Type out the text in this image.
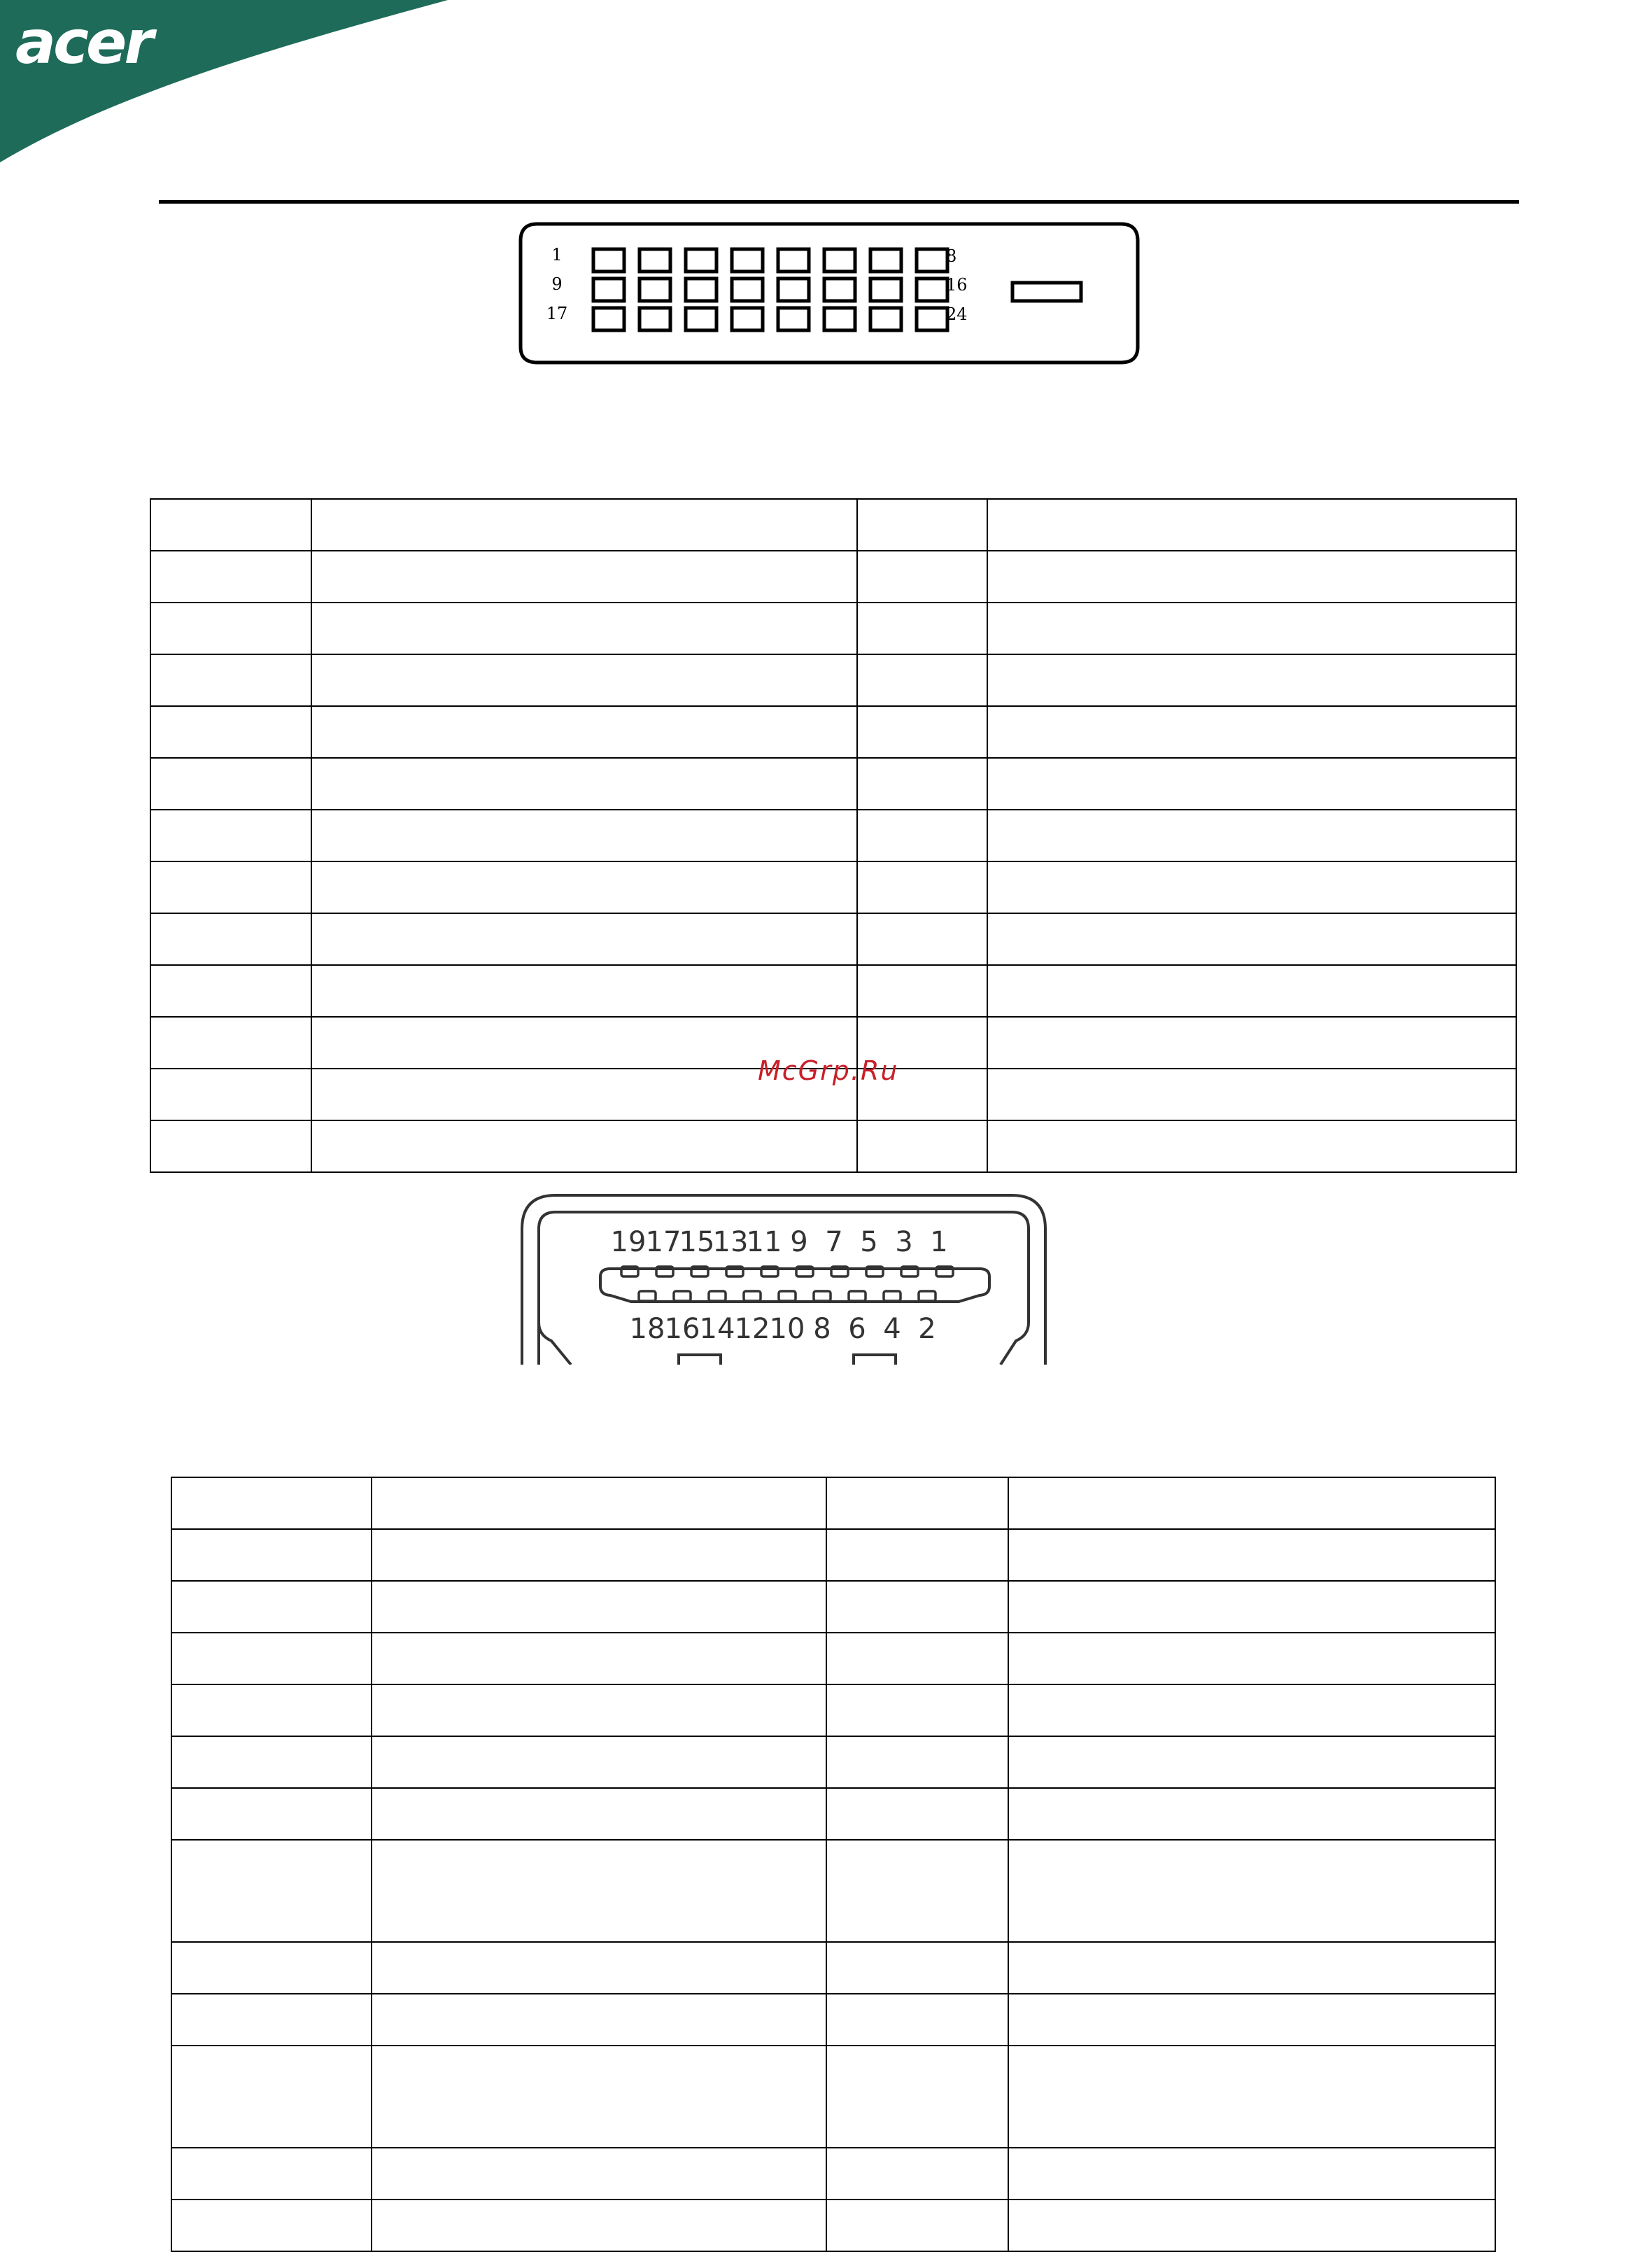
acer
1
9
17
8
16
24

McGrp.Ru
19 17
15
13
11 9 7 5 3 1
18 16 14 12 10 8 6 4 2
